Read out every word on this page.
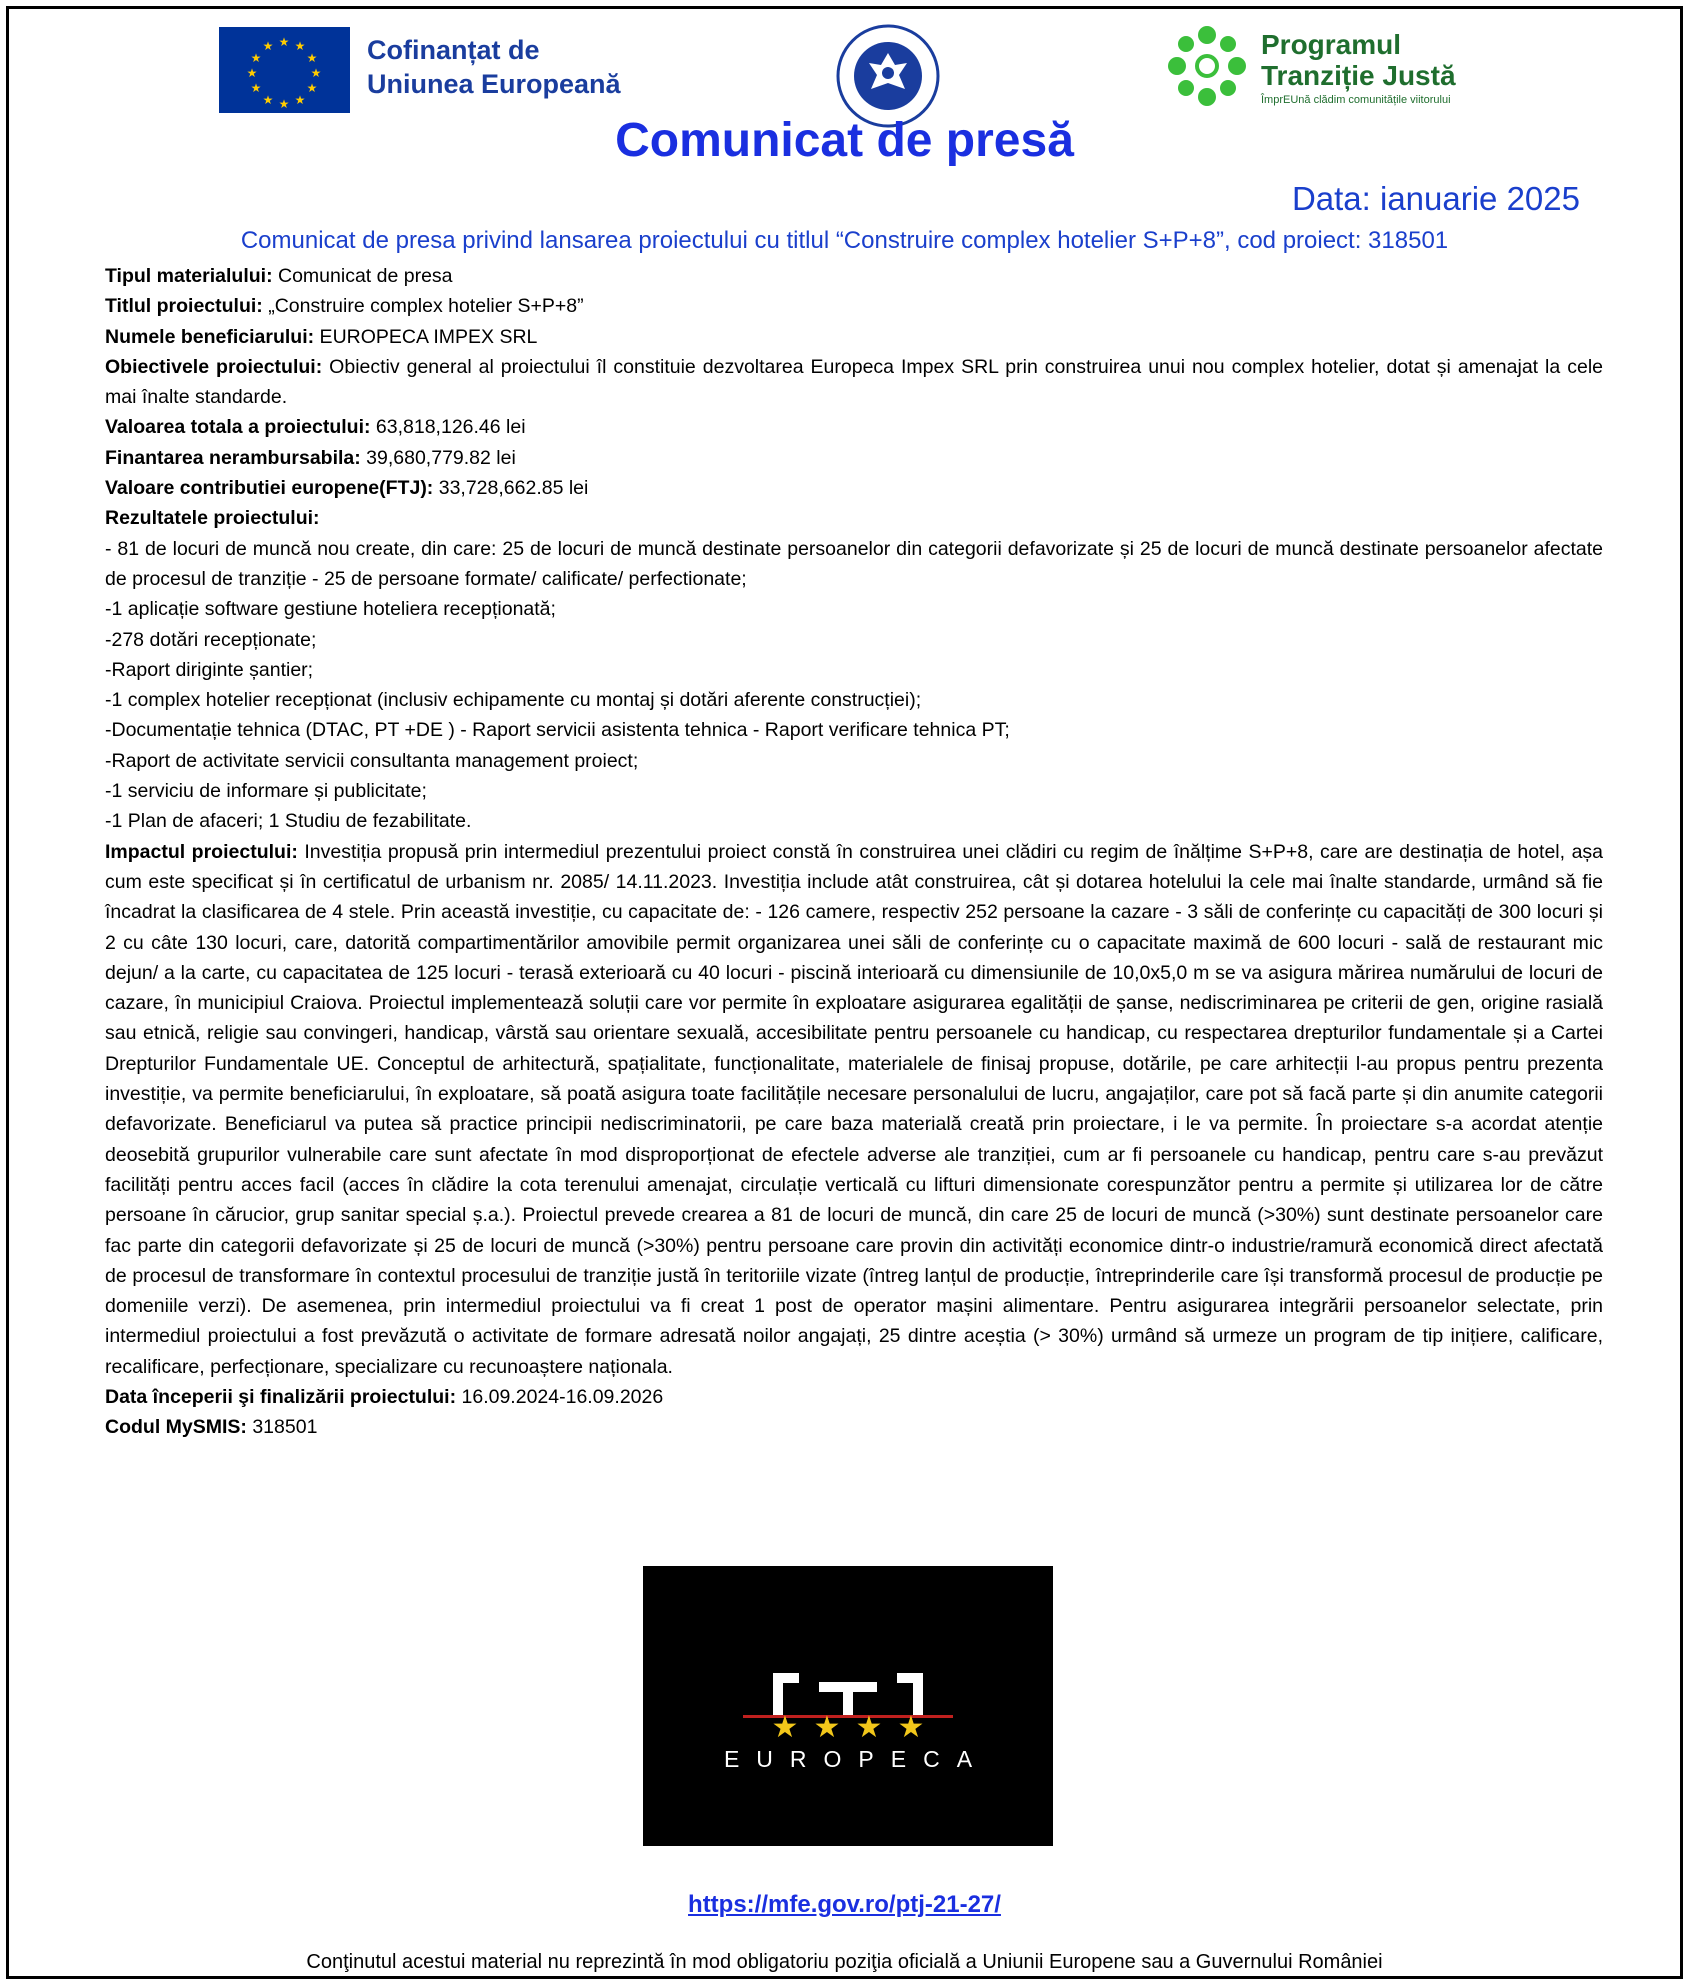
★ ★
★
★
★
★
★
★
★
★
★
★	Cofinanțat de
Uniunea Europeană
Programul
Tranziție Justă
ÎmprEUnă clădim comunitățile viitorului
Comunicat de presă
Data: ianuarie 2025
Comunicat de presa privind lansarea proiectului cu titlul “Construire complex hotelier S+P+8”, cod proiect: 318501

Tipul materialului: Comunicat de presa

Titlul proiectului: „Construire complex hotelier S+P+8”

Numele beneficiarului: EUROPECA IMPEX SRL

Obiectivele proiectului: Obiectiv general al proiectului îl constituie dezvoltarea Europeca Impex SRL prin construirea unui nou complex hotelier, dotat și amenajat la cele mai înalte standarde.

Valoarea totala a proiectului: 63,818,126.46 lei

Finantarea nerambursabila: 39,680,779.82 lei

Valoare contributiei europene(FTJ): 33,728,662.85 lei

Rezultatele proiectului:

- 81 de locuri de muncă nou create, din care: 25 de locuri de muncă destinate persoanelor din categorii defavorizate și 25 de locuri de muncă destinate persoanelor afectate de procesul de tranziție - 25 de persoane formate/ calificate/ perfectionate;

-1 aplicație software gestiune hoteliera recepționată;

-278 dotări recepționate;

-Raport diriginte șantier;

-1 complex hotelier recepționat (inclusiv echipamente cu montaj și dotări aferente construcției);

-Documentație tehnica (DTAC, PT +DE ) - Raport servicii asistenta tehnica - Raport verificare tehnica PT;

-Raport de activitate servicii consultanta management proiect;

-1 serviciu de informare și publicitate;

-1 Plan de afaceri; 1 Studiu de fezabilitate.

Impactul proiectului: Investiția propusă prin intermediul prezentului proiect constă în construirea unei clădiri cu regim de înălțime S+P+8, care are destinația de hotel, așa cum este specificat și în certificatul de urbanism nr. 2085/ 14.11.2023. Investiția include atât construirea, cât și dotarea hotelului la cele mai înalte standarde, urmând să fie încadrat la clasificarea de 4 stele. Prin această investiție, cu capacitate de: - 126 camere, respectiv 252 persoane la cazare - 3 săli de conferințe cu capacități de 300 locuri și 2 cu câte 130 locuri, care, datorită compartimentărilor amovibile permit organizarea unei săli de conferințe cu o capacitate maximă de 600 locuri - sală de restaurant mic dejun/ a la carte, cu capacitatea de 125 locuri - terasă exterioară cu 40 locuri - piscină interioară cu dimensiunile de 10,0x5,0 m se va asigura mărirea numărului de locuri de cazare, în municipiul Craiova. Proiectul implementează soluții care vor permite în exploatare asigurarea egalității de șanse, nediscriminarea pe criterii de gen, origine rasială sau etnică, religie sau convingeri, handicap, vârstă sau orientare sexuală, accesibilitate pentru persoanele cu handicap, cu respectarea drepturilor fundamentale și a Cartei Drepturilor Fundamentale UE. Conceptul de arhitectură, spațialitate, funcționalitate, materialele de finisaj propuse, dotările, pe care arhitecții l-au propus pentru prezenta investiție, va permite beneficiarului, în exploatare, să poată asigura toate facilitățile necesare personalului de lucru, angajaților, care pot să facă parte și din anumite categorii defavorizate. Beneficiarul va putea să practice principii nediscriminatorii, pe care baza materială creată prin proiectare, i le va permite. În proiectare s-a acordat atenție deosebită grupurilor vulnerabile care sunt afectate în mod disproporționat de efectele adverse ale tranziției, cum ar fi persoanele cu handicap, pentru care s-au prevăzut facilități pentru acces facil (acces în clădire la cota terenului amenajat, circulație verticală cu lifturi dimensionate corespunzător pentru a permite și utilizarea lor de către persoane în cărucior, grup sanitar special ș.a.). Proiectul prevede crearea a 81 de locuri de muncă, din care 25 de locuri de muncă (>30%) sunt destinate persoanelor care fac parte din categorii defavorizate și 25 de locuri de muncă (>30%) pentru persoane care provin din activități economice dintr-o industrie/ramură economică direct afectată de procesul de transformare în contextul procesului de tranziție justă în teritoriile vizate (întreg lanțul de producție, întreprinderile care își transformă procesul de producție pe domeniile verzi). De asemenea, prin intermediul proiectului va fi creat 1 post de operator mașini alimentare. Pentru asigurarea integrării persoanelor selectate, prin intermediul proiectului a fost prevăzută o activitate de formare adresată noilor angajați, 25 dintre aceștia (> 30%) urmând să urmeze un program de tip inițiere, calificare, recalificare, perfecționare, specializare cu recunoaștere naționala.

Data începerii şi finalizării proiectului: 16.09.2024-16.09.2026

Codul MySMIS: 318501

★ ★ ★ ★
EUROPECA
https://mfe.gov.ro/ptj-21-27/
Conţinutul acestui material nu reprezintă în mod obligatoriu poziţia oficială a Uniunii Europene sau a Guvernului României
